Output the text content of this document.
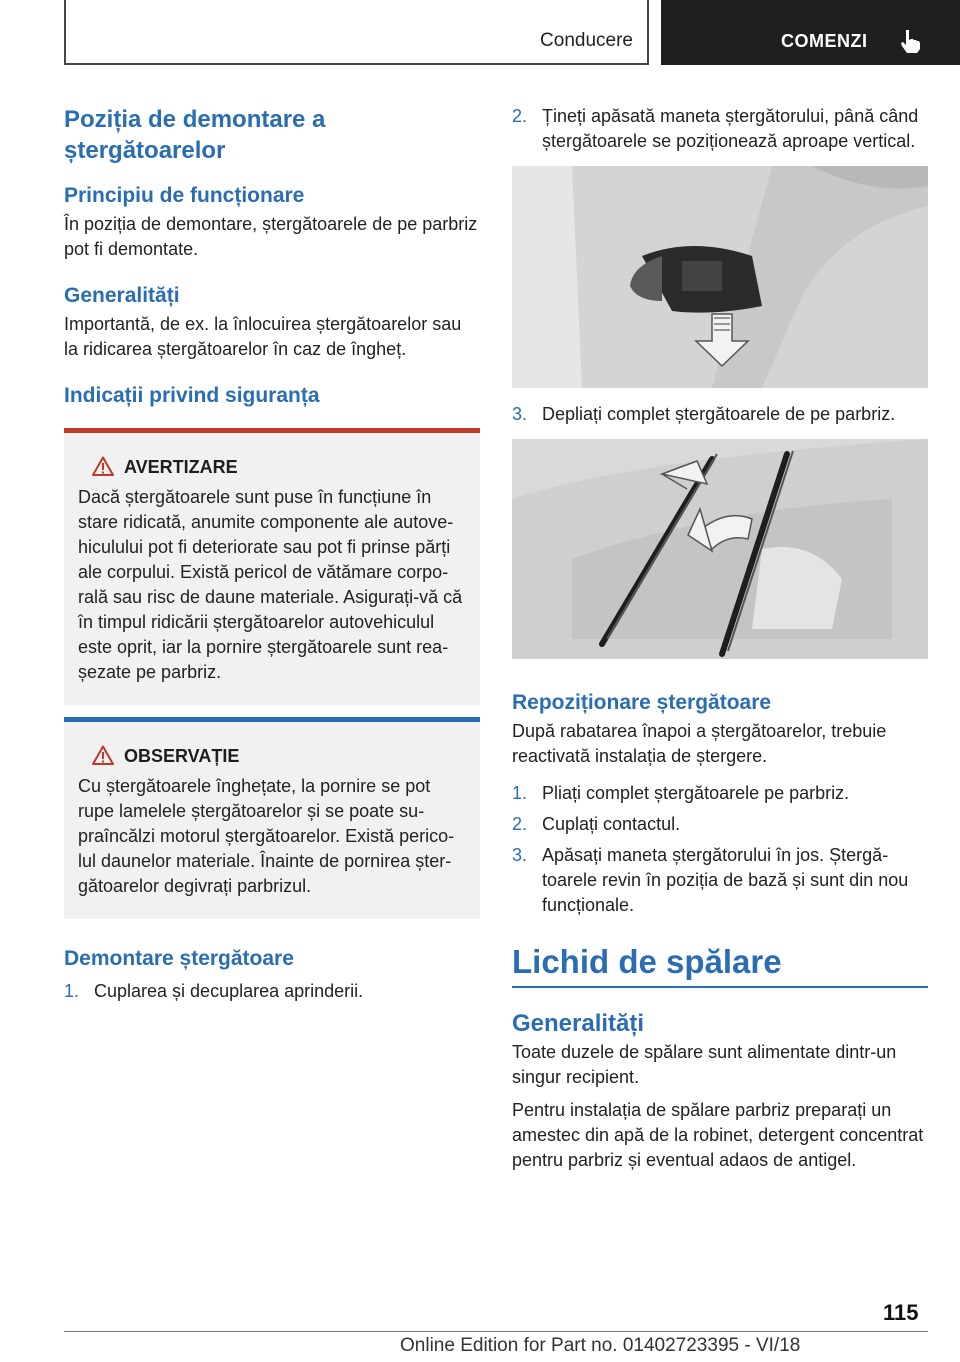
Conducere	COMENZI
Poziția de demontare a ștergătoarelor
Principiu de funcționare

În poziția de demontare, ștergătoarele de pe parbriz pot fi demontate.

Generalități

Importantă, de ex. la înlocuirea ștergătoarelor sau la ridicarea ștergătoarelor în caz de îngheț.

Indicații privind siguranța
AVERTIZARE

Dacă ștergătoarele sunt puse în funcțiune în stare ridicată, anumite componente ale autovehiculului pot fi deteriorate sau pot fi prinse părți ale corpului. Există pericol de vătămare corporală sau risc de daune materiale. Asigurați-vă că în timpul ridicării ștergătoarelor autovehiculul este oprit, iar la pornire ștergătoarele sunt reașezate pe parbriz.

OBSERVAȚIE

Cu ștergătoarele înghețate, la pornire se pot rupe lamelele ștergătoarelor și se poate supraîncălzi motorul ștergătoarelor. Există pericolul daunelor materiale. Înainte de pornirea ștergătoarelor degivrați parbrizul.

Demontare ștergătoare
1. Cuplarea și decuplarea aprinderii.
2. Țineți apăsată maneta ștergătorului, până când ștergătoarele se poziționează aproape vertical.
3. Depliați complet ștergătoarele de pe parbriz.
Repoziționare ștergătoare

După rabatarea înapoi a ștergătoarelor, trebuie reactivată instalația de ștergere.

1. Pliați complet ștergătoarele pe parbriz.
2. Cuplați contactul.
3. Apăsați maneta ștergătorului în jos. Ștergătoarele revin în poziția de bază și sunt din nou funcționale.
Lichid de spălare
Generalități

Toate duzele de spălare sunt alimentate dintr-un singur recipient.

Pentru instalația de spălare parbriz preparați un amestec din apă de la robinet, detergent concentrat pentru parbriz și eventual adaos de antigel.

115
Online Edition for Part no. 01402723395 - VI/18
